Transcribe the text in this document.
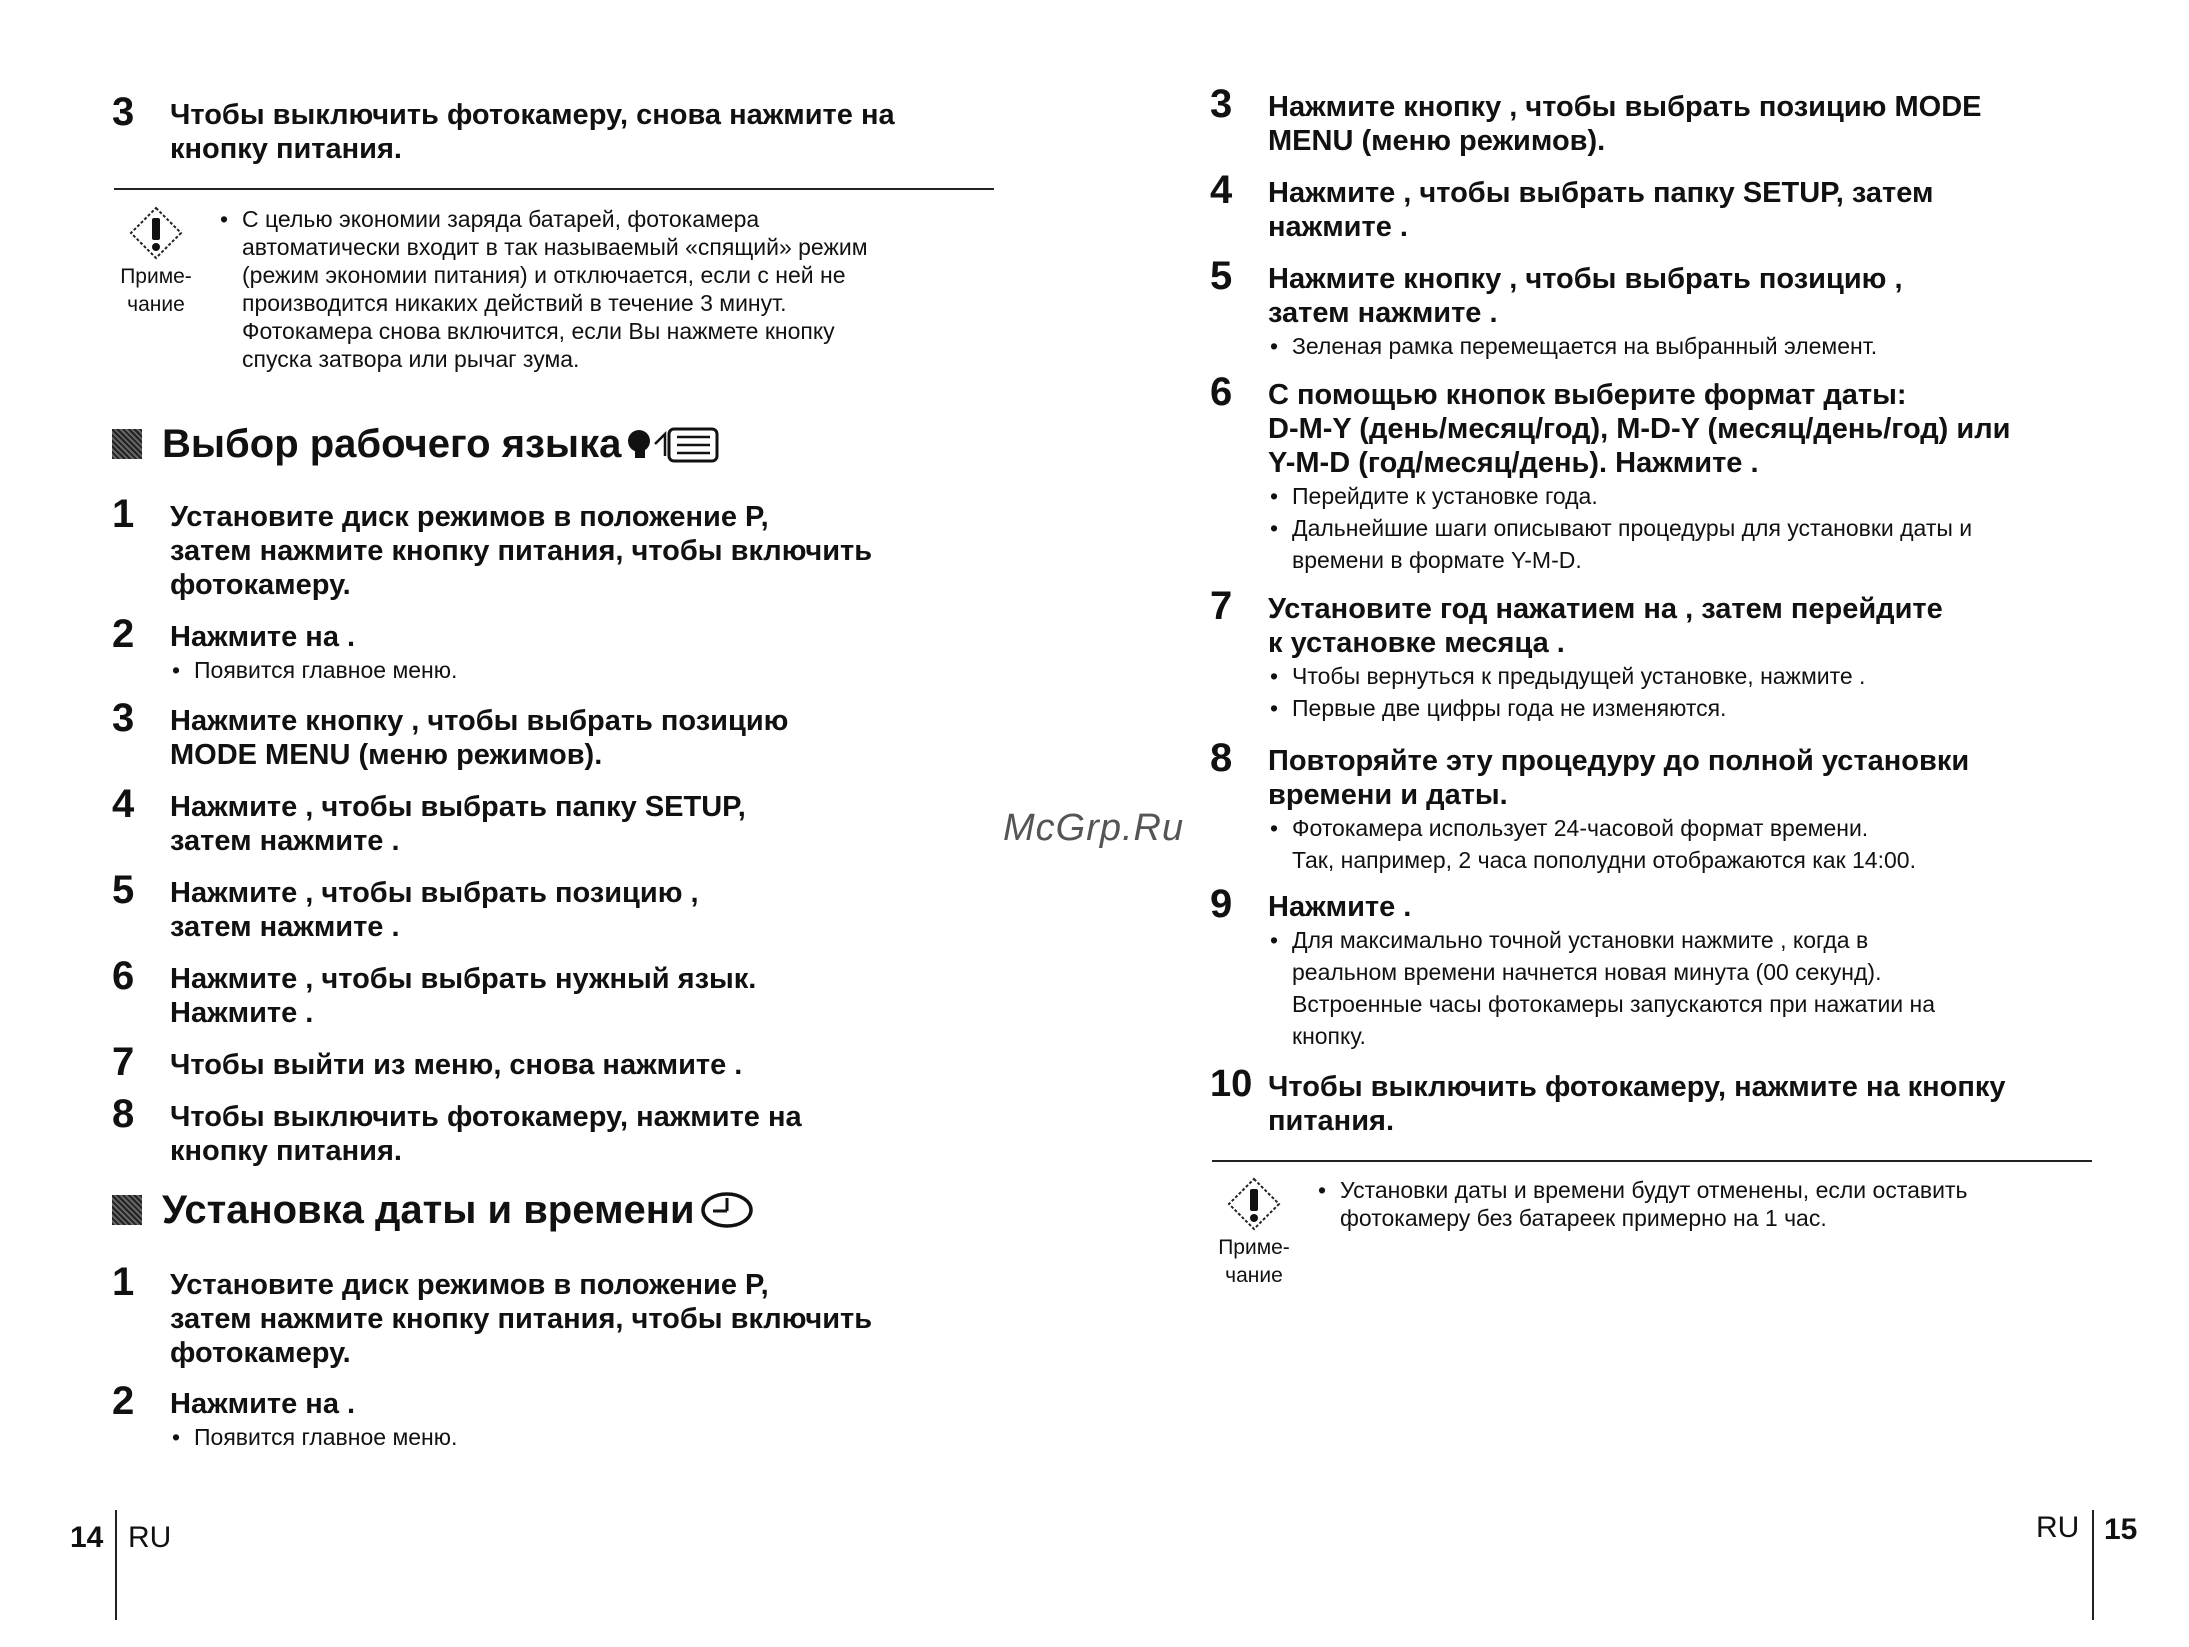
McGrp.Ru
3 Чтобы выключить фотокамеру, снова нажмите на
кнопку питания.
Приме-
чание
• С целью экономии заряда батарей, фотокамера
автоматически входит в так называемый «спящий» режим
(режим экономии питания) и отключается, если с ней не
производится никаких действий в течение 3 минут.
Фотокамера снова включится, если Вы нажмете кнопку
спуска затвора или рычаг зума.
Выбор рабочего языка
1 Установите диск режимов в положение P,
затем нажмите кнопку питания, чтобы включить
фотокамеру.
2 Нажмите на .
• Появится главное меню.
3 Нажмите кнопку , чтобы выбрать позицию
MODE MENU (меню режимов).
4 Нажмите , чтобы выбрать папку SETUP,
затем нажмите .
5 Нажмите , чтобы выбрать позицию ,
затем нажмите .
6 Нажмите , чтобы выбрать нужный язык.
Нажмите .
7 Чтобы выйти из меню, снова нажмите .
8 Чтобы выключить фотокамеру, нажмите на
кнопку питания.
Установка даты и времени
1 Установите диск режимов в положение P,
затем нажмите кнопку питания, чтобы включить
фотокамеру.
2 Нажмите на .
• Появится главное меню.
14 RU
3 Нажмите кнопку , чтобы выбрать позицию MODE
MENU (меню режимов).
4 Нажмите , чтобы выбрать папку SETUP, затем
нажмите .
5 Нажмите кнопку , чтобы выбрать позицию ,
затем нажмите .
• Зеленая рамка перемещается на выбранный элемент.
6 С помощью кнопок выберите формат даты:
D-M-Y (день/месяц/год), M-D-Y (месяц/день/год) или
Y-M-D (год/месяц/день). Нажмите .
• Перейдите к установке года.
• Дальнейшие шаги описывают процедуры для установки даты и
времени в формате Y-M-D.
7 Установите год нажатием на , затем перейдите
к установке месяца .
• Чтобы вернуться к предыдущей установке, нажмите .
• Первые две цифры года не изменяются.
8 Повторяйте эту процедуру до полной установки
времени и даты.
• Фотокамера использует 24-часовой формат времени.
Так, например, 2 часа пополудни отображаются как 14:00.
9 Нажмите .
• Для максимально точной установки нажмите , когда в
реальном времени начнется новая минута (00 секунд).
Встроенные часы фотокамеры запускаются при нажатии на
кнопку.
10 Чтобы выключить фотокамеру, нажмите на кнопку
питания.
Приме-
чание
• Установки даты и времени будут отменены, если оставить
фотокамеру без батареек примерно на 1 час.
RU 15
